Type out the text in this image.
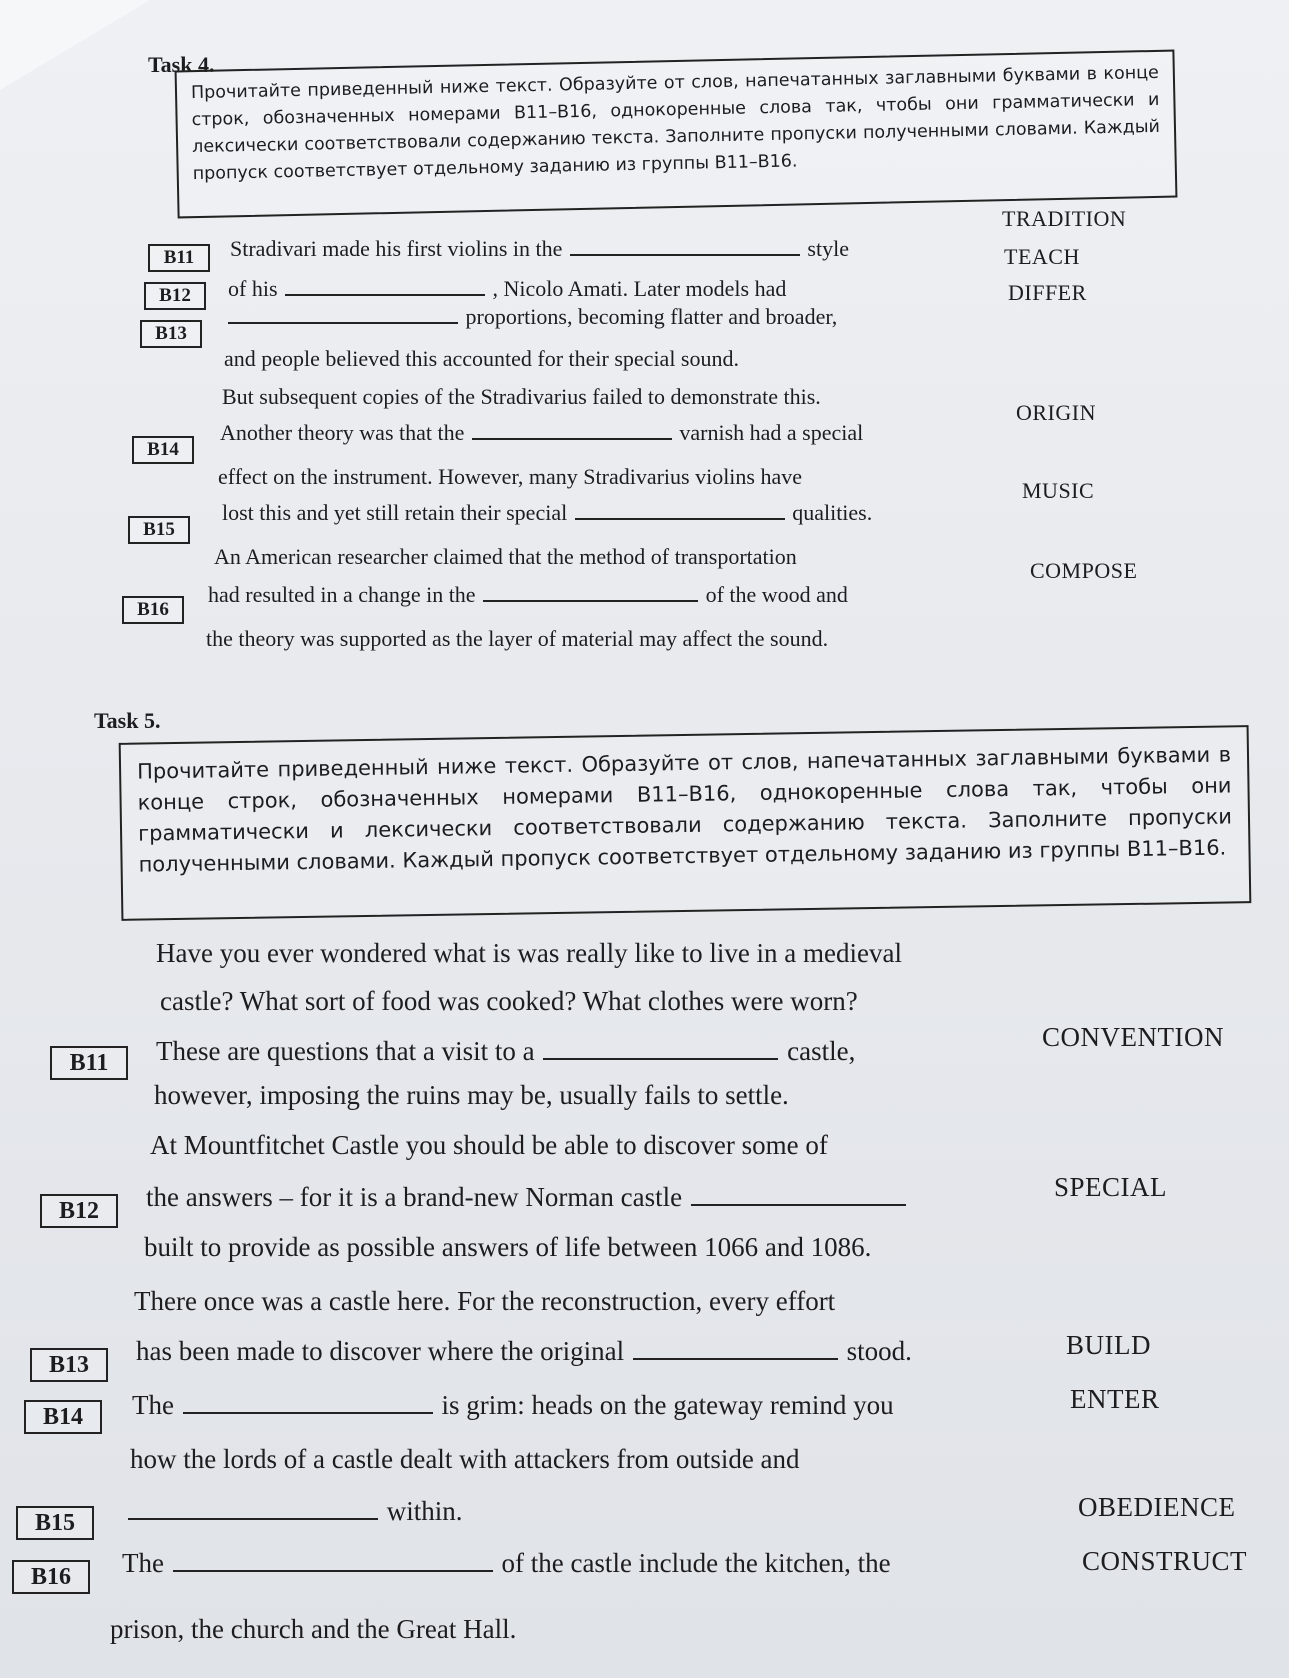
Task 4.
Прочитайте приведенный ниже текст. Образуйте от слов, напечатанных заглавными буквами в конце строк, обозначенных номерами B11–B16, однокоренные слова так, чтобы они грамматически и лексически соответствовали содержанию текста. Заполните пропуски полученными словами. Каждый пропуск соответствует отдельному заданию из группы B11–B16.
B11	Stradivari made his first violins in the	style
TRADITION
B12	of his	, Nicolo Amati. Later models had
TEACH
B13
proportions, becoming flatter and broader,
DIFFER
and people believed this accounted for their special sound.
But subsequent copies of the Stradivarius failed to demonstrate this.
B14
Another theory was that the	varnish had a special
ORIGIN
effect on the instrument. However, many Stradivarius violins have
B15
lost this and yet still retain their special	qualities.
MUSIC
An American researcher claimed that the method of transportation
B16
had resulted in a change in the	of the wood and
COMPOSE
the theory was supported as the layer of material may affect the sound.
Task 5.
Прочитайте приведенный ниже текст. Образуйте от слов, напечатанных заглавными буквами в конце строк, обозначенных номерами B11–B16, однокоренные слова так, чтобы они грамматически и лексически соответствовали содержанию текста. Заполните пропуски полученными словами. Каждый пропуск соответствует отдельному заданию из группы B11–B16.
Have you ever wondered what is was really like to live in a medieval
castle? What sort of food was cooked? What clothes were worn?
B11	These are questions that a visit to a	castle,	CONVENTION
however, imposing the ruins may be, usually fails to settle.
At Mountfitchet Castle you should be able to discover some of
B12	the answers – for it is a brand-new Norman castle	SPECIAL
built to provide as possible answers of life between 1066 and 1086.
There once was a castle here. For the reconstruction, every effort
B13	has been made to discover where the original	stood.	BUILD
B14	The	is grim: heads on the gateway remind you	ENTER
how the lords of a castle dealt with attackers from outside and
B15	within.	OBEDIENCE
B16	The	of the castle include the kitchen, the	CONSTRUCT
prison, the church and the Great Hall.
